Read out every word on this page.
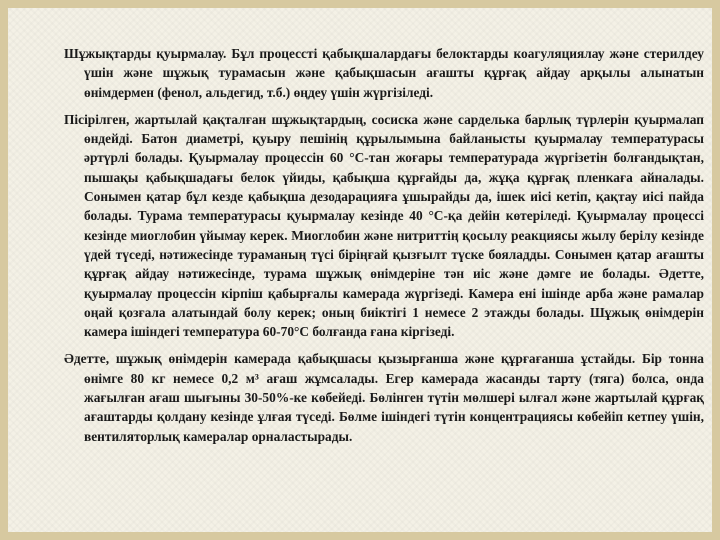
Шұжықтарды қуырмалау. Бұл процессті қабықшалардағы белоктарды коагуляциялау және стерилдеу үшін және шұжық турамасын және қабықшасын ағашты құрғақ айдау арқылы алынатын өнімдермен (фенол, альдегид, т.б.) өңдеу үшін жүргізіледі.

Пісірілген, жартылай қақталған шұжықтардың, сосиска және сарделька барлық түрлерін қуырмалап өндейді. Батон диаметрі, қуыру пешінің құрылымына байланысты қуырмалау температурасы әртүрлі болады. Қуырмалау процессін 60 °С-тан жоғары температурада жүргізетін болғандықтан, пышақы қабықшадағы белок үйиды, қабықша құрғайды да, жұқа құрғақ пленкаға айналады. Сонымен қатар бұл кезде қабықша дезодарацияға ұшырайды да, ішек иісі кетіп, қақтау иісі пайда болады. Турама температурасы қуырмалау кезінде 40 °С-қа дейін көтеріледі. Қуырмалау процессі кезінде миоглобин үйымау керек. Миоглобин және нитриттің қосылу реакциясы жылу берілу кезінде үдей түседі, нәтижесінде тураманың түсі біріңғай қызғылт түске бояладды. Сонымен қатар ағашты құрғақ айдау нәтижесінде, турама шұжық өнімдеріне тән иіс және дәмге ие болады. Әдетте, қуырмалау процессін кірпіш қабырғалы камерада жүргізеді. Камера ені ішінде арба және рамалар оңай қозғала алатындай болу керек; оның биіктігі 1 немесе 2 этажды болады. Шұжық өнімдерін камера ішіндегі температура 60-70°С болғанда ғана кіргізеді.

Әдетте, шұжық өнімдерін камерада қабықшасы қызырғанша және құрғағанша ұстайды. Бір тонна өнімге 80 кг немесе 0,2 м³ ағаш жұмсалады. Егер камерада жасанды тарту (тяга) болса, онда жағылған ағаш шығыны 30-50%-ке көбейеді. Бөлінген түтін мөлшері ылғал және жартылай құрғақ ағаштарды қолдану кезінде ұлғая түседі. Бөлме ішіндегі түтін концентрациясы көбейіп кетпеу үшін, вентиляторлық камералар орналастырады.
